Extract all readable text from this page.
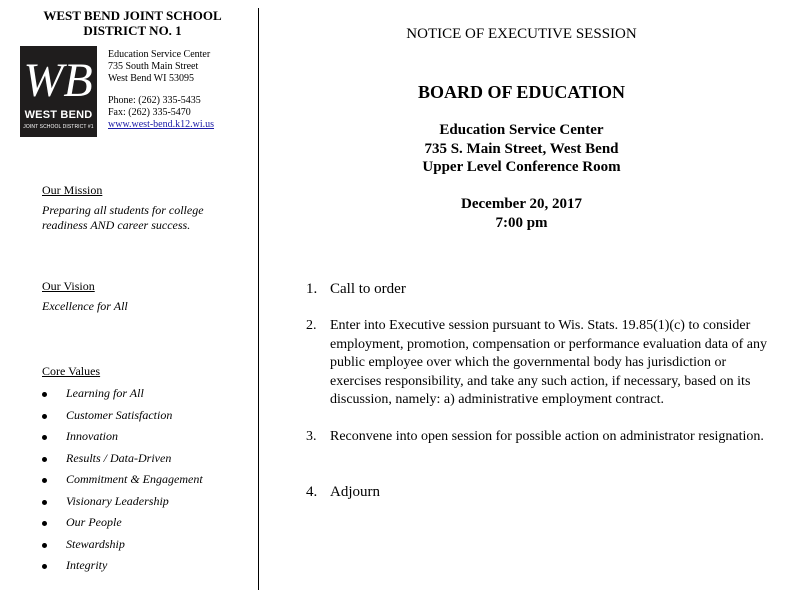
WEST BEND JOINT SCHOOL
DISTRICT NO. 1
WB
WEST BEND
JOINT SCHOOL DISTRICT #1
Education Service Center
735 South Main Street
West Bend WI 53095
Phone: (262) 335-5435
Fax: (262) 335-5470
www.west-bend.k12.wi.us
Our Mission
Preparing all students for college readiness AND career success.
Our Vision
Excellence for All
Core Values
Learning for All
Customer Satisfaction
Innovation
Results / Data-Driven
Commitment & Engagement
Visionary Leadership
Our People
Stewardship
Integrity
NOTICE OF EXECUTIVE SESSION
BOARD OF EDUCATION
Education Service Center
735 S. Main Street, West Bend
Upper Level Conference Room
December 20, 2017
7:00 pm
1. Call to order
2. Enter into Executive session pursuant to Wis. Stats. 19.85(1)(c) to consider employment, promotion, compensation or performance evaluation data of any public employee over which the governmental body has jurisdiction or exercises responsibility, and take any such action, if necessary, based on its discussion, namely: a) administrative employment contract.
3. Reconvene into open session for possible action on administrator resignation.
4. Adjourn
